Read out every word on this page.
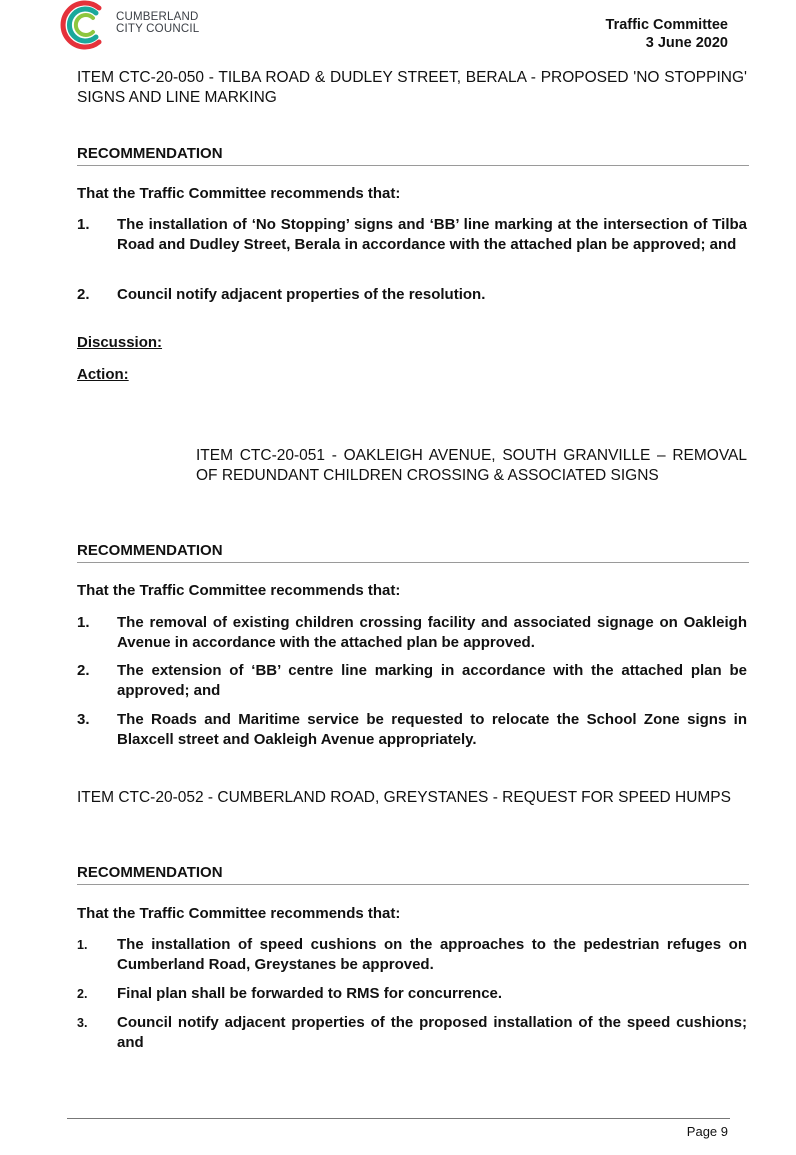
CUMBERLAND
CITY COUNCIL	Traffic Committee
3 June 2020
ITEM CTC-20-050 - TILBA ROAD & DUDLEY STREET, BERALA - PROPOSED 'NO STOPPING' SIGNS AND LINE MARKING
RECOMMENDATION
That the Traffic Committee recommends that:
1.	The installation of ‘No Stopping’ signs and ‘BB’ line marking at the intersection of Tilba Road and Dudley Street, Berala in accordance with the attached plan be approved; and
2.	Council notify adjacent properties of the resolution.
Discussion:
Action:
ITEM CTC-20-051 - OAKLEIGH AVENUE, SOUTH GRANVILLE – REMOVAL OF REDUNDANT CHILDREN CROSSING & ASSOCIATED SIGNS
RECOMMENDATION
That the Traffic Committee recommends that:
1.	The removal of existing children crossing facility and associated signage on Oakleigh Avenue in accordance with the attached plan be approved.
2.	The extension of ‘BB’ centre line marking in accordance with the attached plan be approved; and
3.	The Roads and Maritime service be requested to relocate the School Zone signs in Blaxcell street and Oakleigh Avenue appropriately.
ITEM CTC-20-052 - CUMBERLAND ROAD, GREYSTANES - REQUEST FOR SPEED HUMPS
RECOMMENDATION
That the Traffic Committee recommends that:
1.	The installation of speed cushions on the approaches to the pedestrian refuges on Cumberland Road, Greystanes be approved.
2.	Final plan shall be forwarded to RMS for concurrence.
3.	Council notify adjacent properties of the proposed installation of the speed cushions; and
Page 9
